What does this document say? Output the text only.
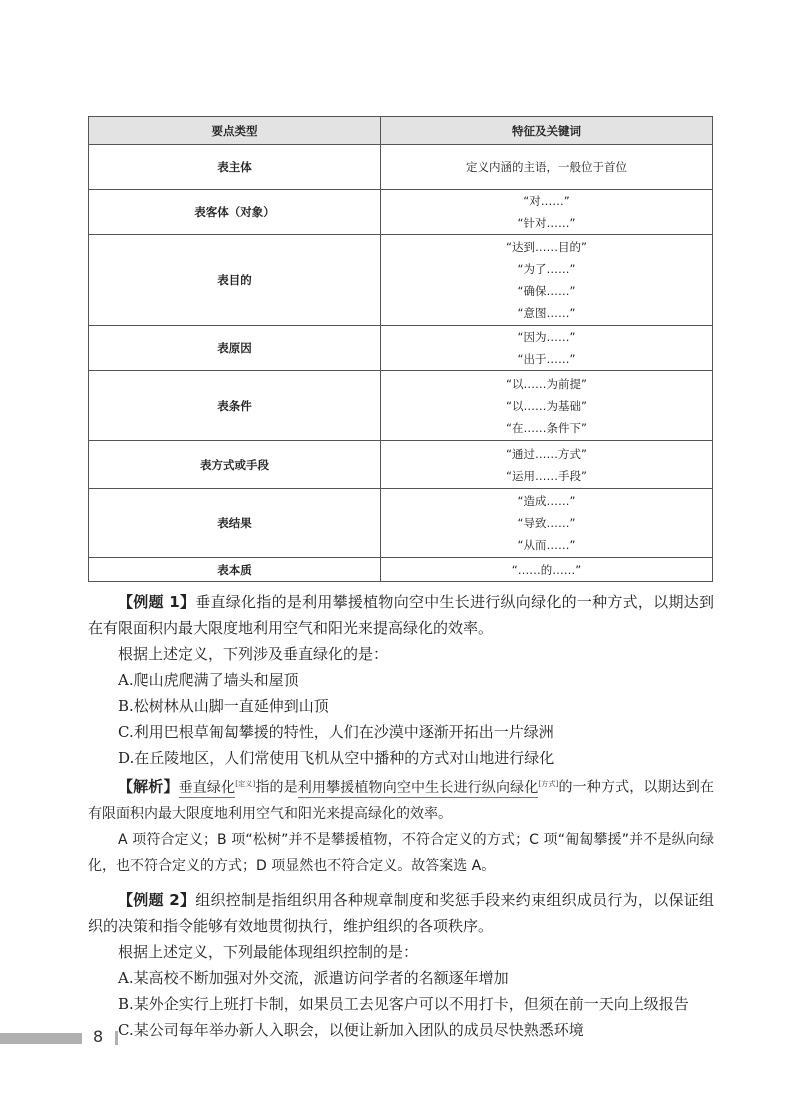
要点类型	特征及关键词
表主体	定义内涵的主语，一般位于首位

表客体（对象）	“对……”
“针对……”

表目的	“达到……目的”
“为了……”
“确保……”
“意图……”

表原因	“因为……”
“出于……”

表条件	“以……为前提”
“以……为基础”
“在……条件下”

表方式或手段	“通过……方式”
“运用……手段”

表结果	“造成……”
“导致……”
“从而……”

表本质	“……的……”

【例题 1】垂直绿化指的是利用攀援植物向空中生长进行纵向绿化的一种方式，以期达到在有限面积内最大限度地利用空气和阳光来提高绿化的效率。

根据上述定义，下列涉及垂直绿化的是：

A.爬山虎爬满了墙头和屋顶

B.松树林从山脚一直延伸到山顶

C.利用巴根草匍匐攀援的特性，人们在沙漠中逐渐开拓出一片绿洲

D.在丘陵地区，人们常使用飞机从空中播种的方式对山地进行绿化

【解析】垂直绿化[定义]指的是利用攀援植物向空中生长进行纵向绿化[方式]的一种方式，以期达到在有限面积内最大限度地利用空气和阳光来提高绿化的效率。

A 项符合定义；B 项“松树”并不是攀援植物，不符合定义的方式；C 项“匍匐攀援”并不是纵向绿化，也不符合定义的方式；D 项显然也不符合定义。故答案选 A。

【例题 2】组织控制是指组织用各种规章制度和奖惩手段来约束组织成员行为，以保证组织的决策和指令能够有效地贯彻执行，维护组织的各项秩序。

根据上述定义，下列最能体现组织控制的是：

A.某高校不断加强对外交流，派遣访问学者的名额逐年增加

B.某外企实行上班打卡制，如果员工去见客户可以不用打卡，但须在前一天向上级报告

C.某公司每年举办新人入职会，以便让新加入团队的成员尽快熟悉环境

8
